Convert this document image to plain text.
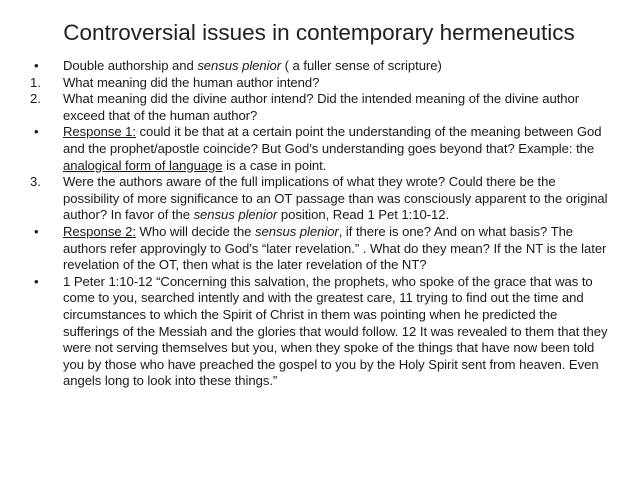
Controversial issues in contemporary hermeneutics
•	Double authorship and sensus plenior ( a fuller sense of scripture)
1.	What meaning did the human author intend?
2.	What meaning did the divine author intend? Did the intended meaning of the divine author exceed that of the human author?
•	Response 1: could it be that at a certain point the understanding of the meaning between God and the prophet/apostle coincide? But God’s understanding goes beyond that? Example: the analogical form of language is a case in point.
3.	Were the authors aware of the full implications of what they wrote? Could there be the possibility of more significance to an OT passage than was consciously apparent to the original author? In favor of the sensus plenior position, Read 1 Pet 1:10-12.
•	Response 2: Who will decide the sensus plenior, if there is one? And on what basis? The authors refer approvingly to God’s “later revelation.” . What do they mean? If the NT is the later revelation of the OT, then what is the later revelation of the NT?
•	1 Peter 1:10-12 “Concerning this salvation, the prophets, who spoke of the grace that was to come to you, searched intently and with the greatest care, 11 trying to find out the time and circumstances to which the Spirit of Christ in them was pointing when he predicted the sufferings of the Messiah and the glories that would follow. 12 It was revealed to them that they were not serving themselves but you, when they spoke of the things that have now been told you by those who have preached the gospel to you by the Holy Spirit sent from heaven. Even angels long to look into these things.”
